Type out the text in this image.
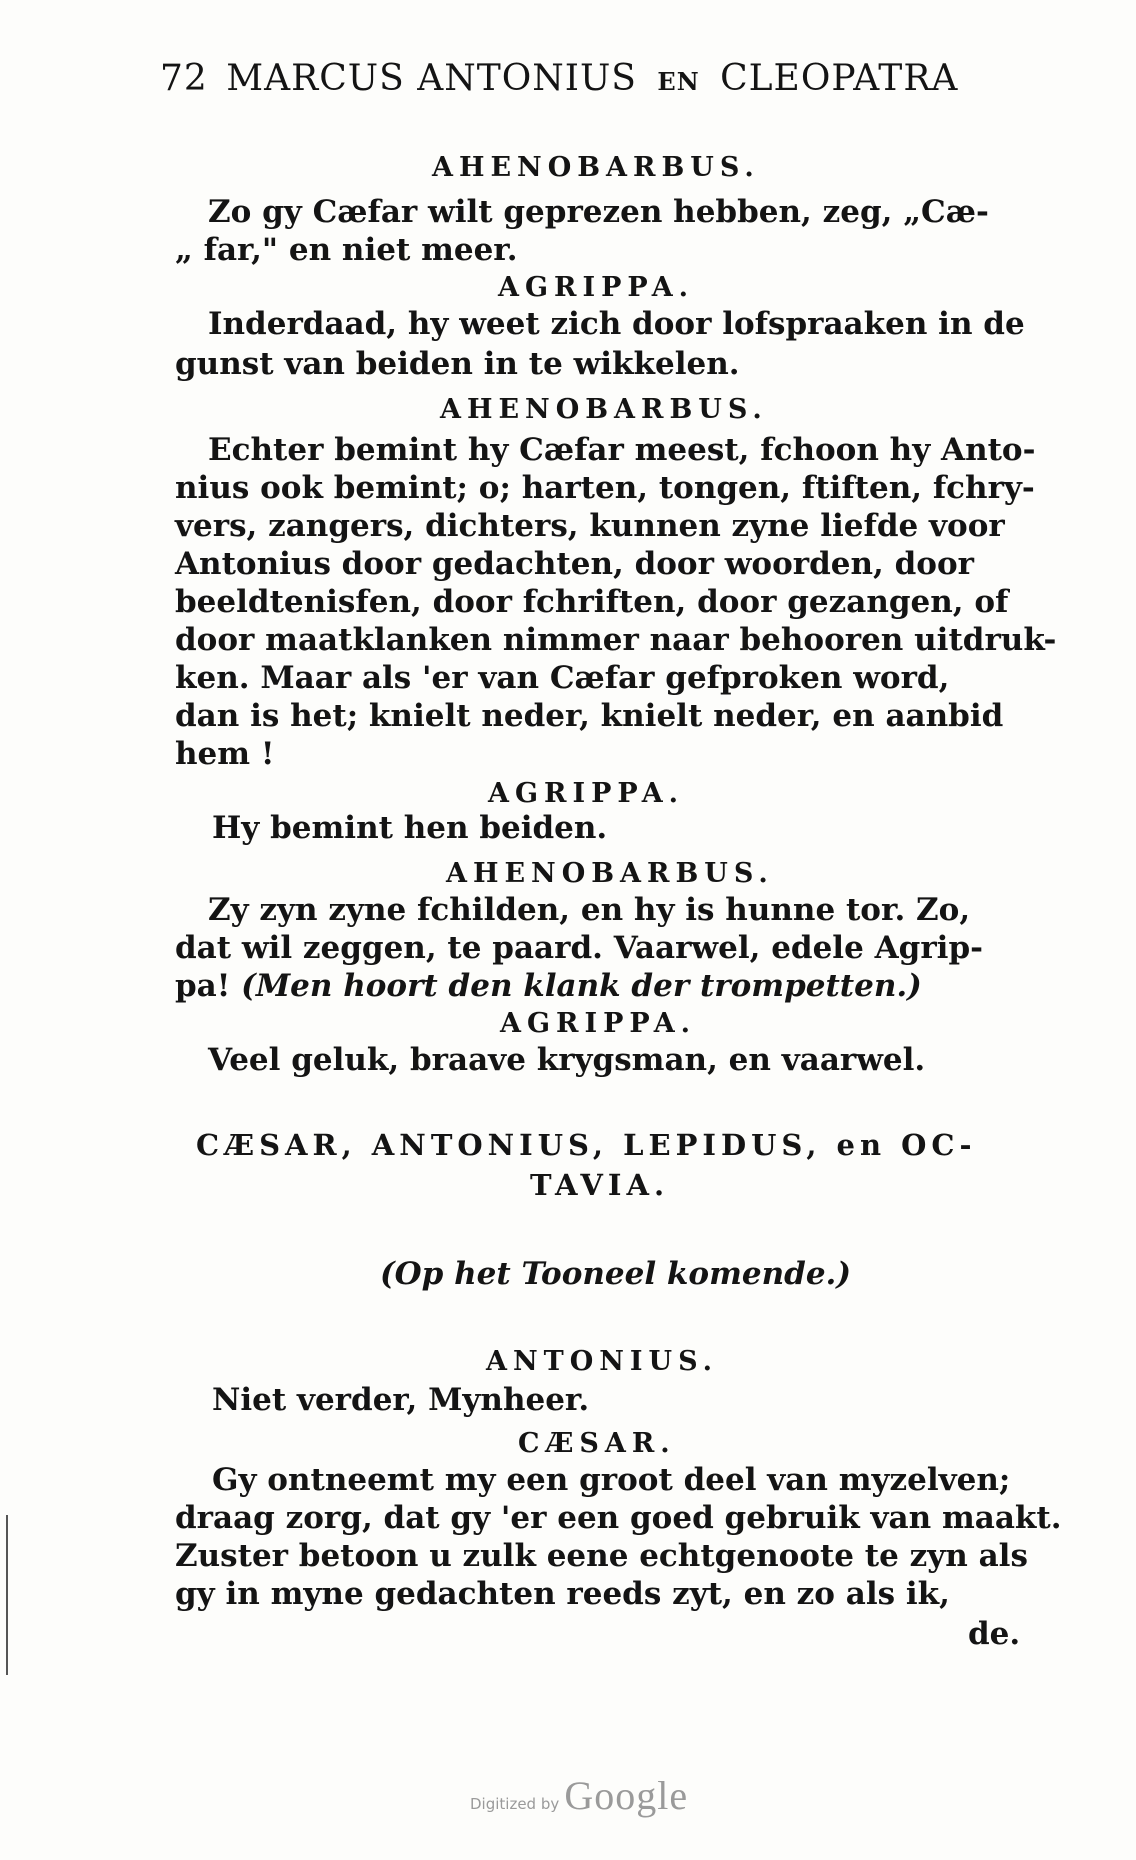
72 MARCUS ANTONIUS EN CLEOPATRA
AHENOBARBUS.
Zo gy Cæfar wilt geprezen hebben, zeg, „Cæ-
„ far," en niet meer.
AGRIPPA.
Inderdaad, hy weet zich door lofspraaken in de
gunst van beiden in te wikkelen.
AHENOBARBUS.
Echter bemint hy Cæfar meest, fchoon hy Anto-
nius ook bemint; o; harten, tongen, ftiften, fchry-
vers, zangers, dichters, kunnen zyne liefde voor
Antonius door gedachten, door woorden, door
beeldtenisfen, door fchriften, door gezangen, of
door maatklanken nimmer naar behooren uitdruk-
ken. Maar als 'er van Cæfar gefproken word,
dan is het; knielt neder, knielt neder, en aanbid
hem !
AGRIPPA.
Hy bemint hen beiden.
AHENOBARBUS.
Zy zyn zyne fchilden, en hy is hunne tor. Zo,
dat wil zeggen, te paard. Vaarwel, edele Agrip-
pa! (Men hoort den klank der trompetten.)
AGRIPPA.
Veel geluk, braave krygsman, en vaarwel.
CÆSAR, ANTONIUS, LEPIDUS, en OC-
TAVIA.
(Op het Tooneel komende.)
ANTONIUS.
Niet verder, Mynheer.
CÆSAR.
Gy ontneemt my een groot deel van myzelven;
draag zorg, dat gy 'er een goed gebruik van maakt.
Zuster betoon u zulk eene echtgenoote te zyn als
gy in myne gedachten reeds zyt, en zo als ik,
de.
Digitized by Google
